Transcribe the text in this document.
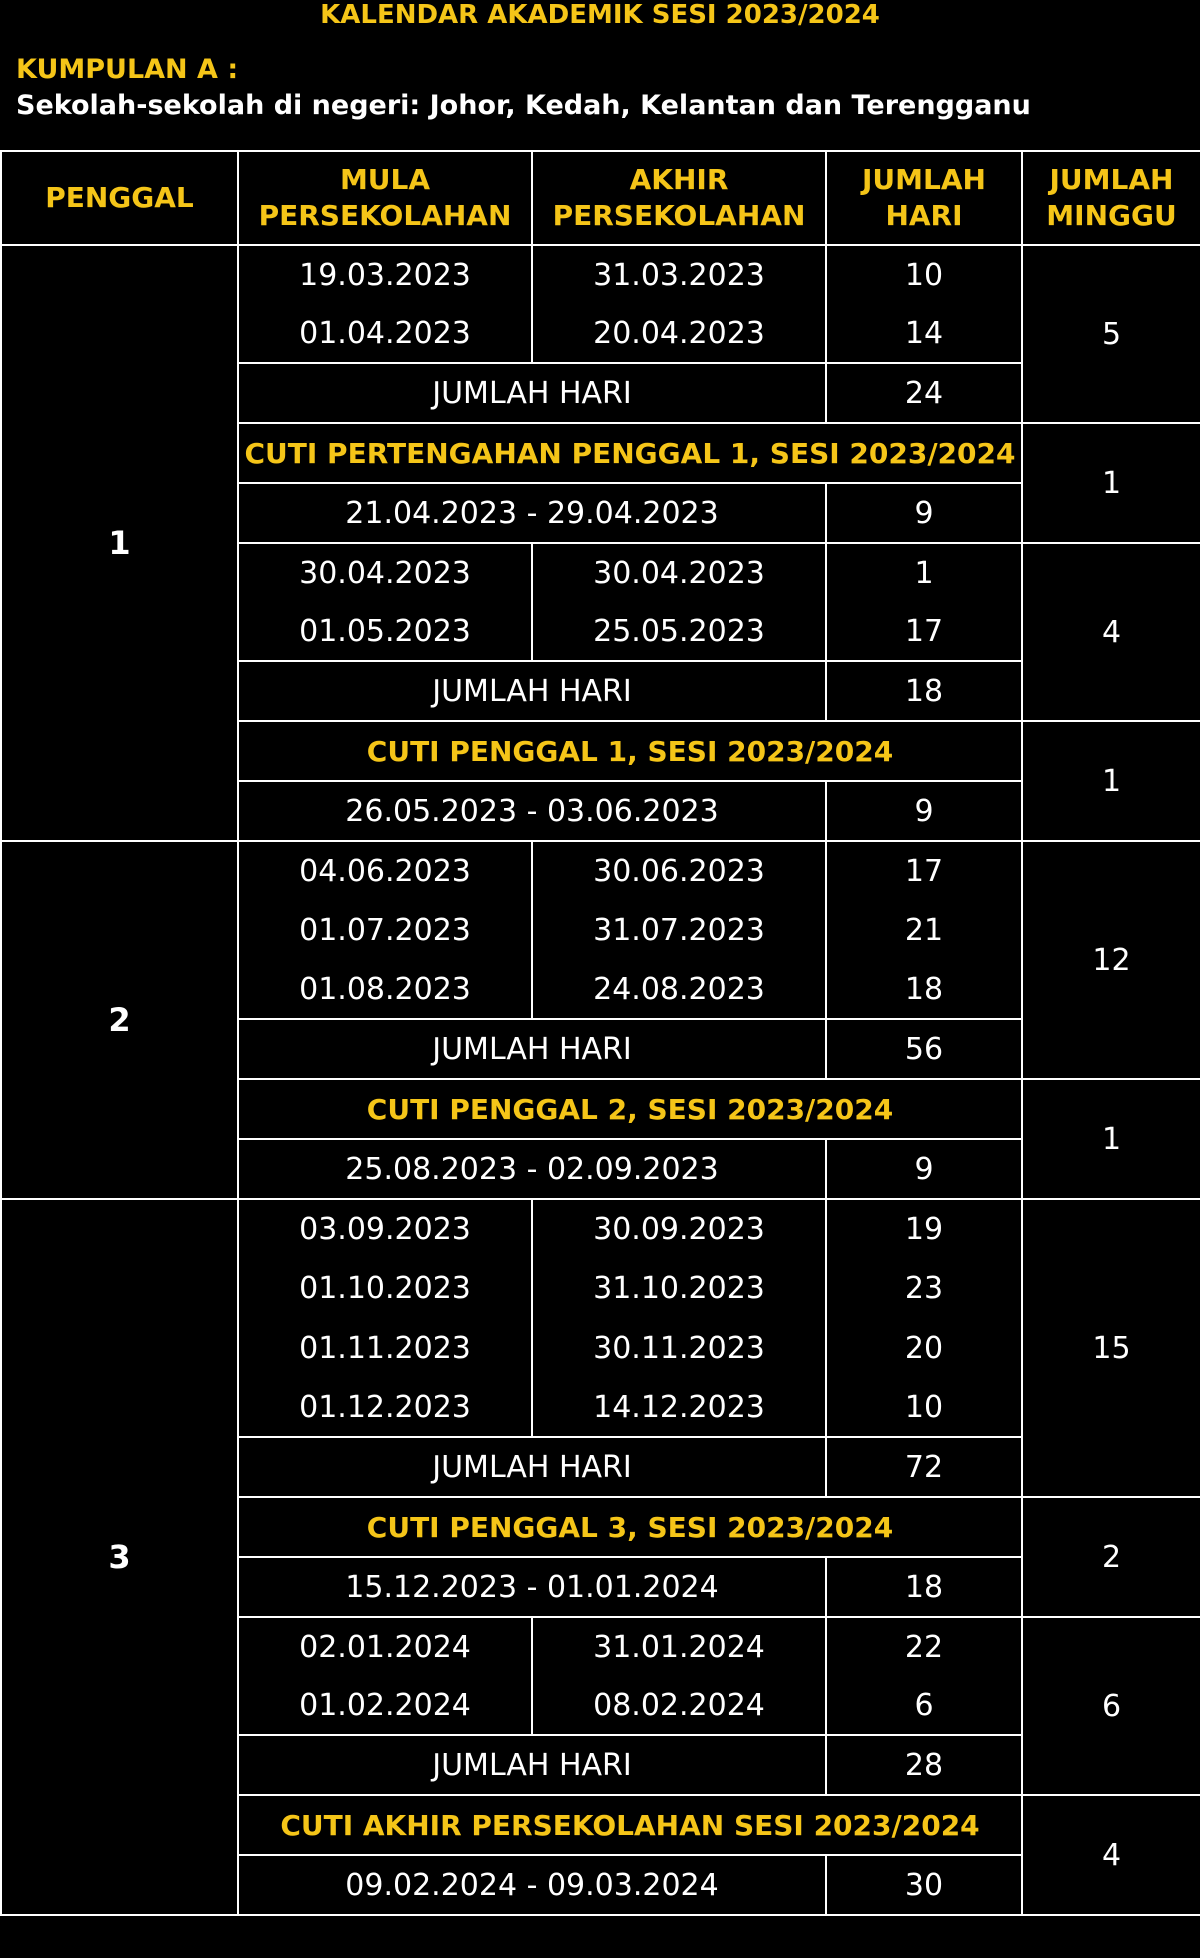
KALENDAR AKADEMIK SESI 2023/2024
KUMPULAN A :
Sekolah-sekolah di negeri: Johor, Kedah, Kelantan dan Terengganu
PENGGAL	MULA PERSEKOLAHAN	AKHIR PERSEKOLAHAN	JUMLAH HARI	JUMLAH MINGGU
1	19.03.2023	31.03.2023	10	5
	01.04.2023	20.04.2023	14	
	JUMLAH HARI		24	
	CUTI PERTENGAHAN PENGGAL 1, SESI 2023/2024			1
	21.04.2023 - 29.04.2023		9	
	30.04.2023	30.04.2023	1	4
	01.05.2023	25.05.2023	17	
	JUMLAH HARI		18	
	CUTI PENGGAL 1, SESI 2023/2024			1
	26.05.2023 - 03.06.2023		9	
2	04.06.2023	30.06.2023	17	12
	01.07.2023	31.07.2023	21	
	01.08.2023	24.08.2023	18	
	JUMLAH HARI		56	
	CUTI PENGGAL 2, SESI 2023/2024			1
	25.08.2023 - 02.09.2023		9	
3	03.09.2023	30.09.2023	19	15
	01.10.2023	31.10.2023	23	
	01.11.2023	30.11.2023	20	
	01.12.2023	14.12.2023	10	
	JUMLAH HARI		72	
	CUTI PENGGAL 3, SESI 2023/2024			2
	15.12.2023 - 01.01.2024		18	
	02.01.2024	31.01.2024	22	6
	01.02.2024	08.02.2024	6	
	JUMLAH HARI		28	
	CUTI AKHIR PERSEKOLAHAN SESI 2023/2024			4
	09.02.2024 - 09.03.2024		30	
